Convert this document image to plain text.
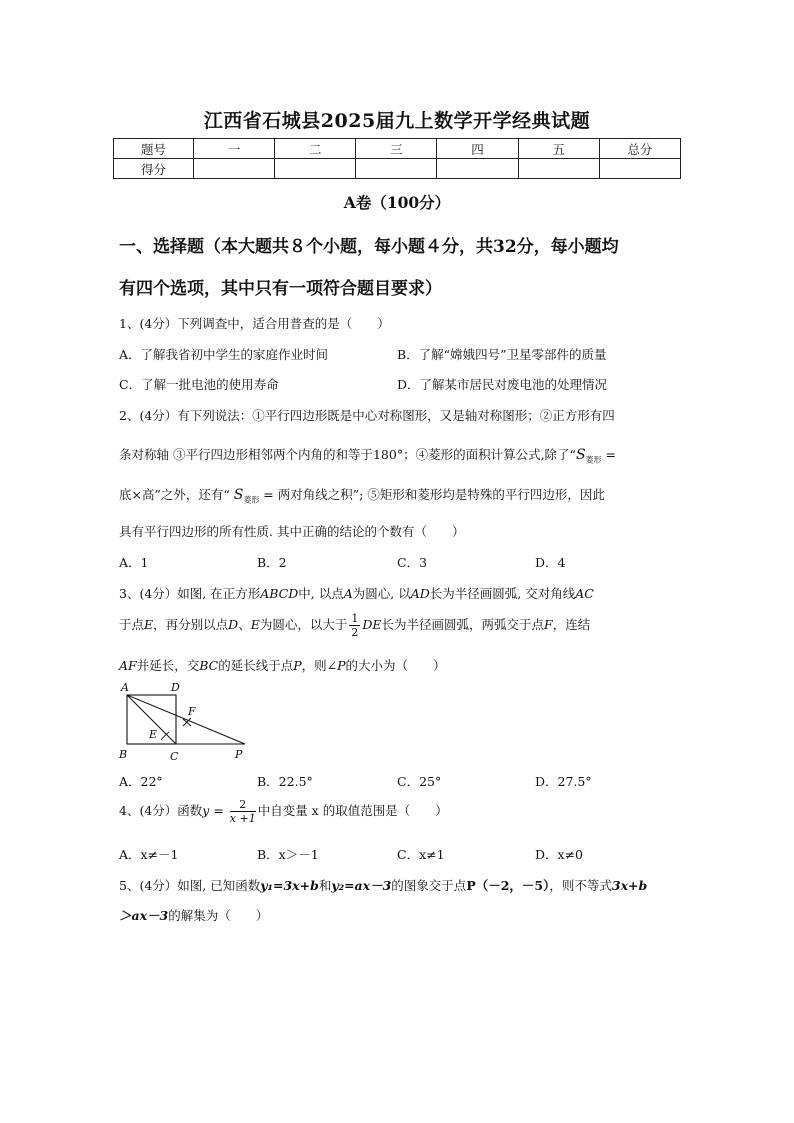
江西省石城县2025届九上数学开学经典试题
题号	一	二	三	四	五	总分
得分						
A卷（100分）
一、选择题（本大题共８个小题，每小题４分，共32分，每小题均
有四个选项，其中只有一项符合题目要求）
1、(4分）下列调查中，适合用普查的是（　　）
A．了解我省初中学生的家庭作业时间	B．了解“嫦娥四号”卫星零部件的质量
C．了解一批电池的使用寿命	D．了解某市居民对废电池的处理情况
2、(4分）有下列说法：①平行四边形既是中心对称图形，又是轴对称图形；②正方形有四
条对称轴 ③平行四边形相邻两个内角的和等于180°；④菱形的面积计算公式,除了“$S_{菱形}$ =
底×高”之外，还有“ $S_{菱形}$ = 两对角线之积”; ⑤矩形和菱形均是特殊的平行四边形，因此
具有平行四边形的所有性质. 其中正确的结论的个数有（　　）
A．1	B．2	C．3	D．4
3、(4分）如图, 在正方形ABCD中, 以点A为圆心, 以AD长为半径画圆弧, 交对角线AC
于点E，再分别以点D、E为圆心，以大于 $\frac{1}{2}$ DE长为半径画圆弧，两弧交于点F，连结
AF并延长，交BC的延长线于点P，则∠P的大小为（　　）
A	D
B	C
E
F
P
A．22°	B．22.5°	C．25°	D．27.5°
4、(4分）函数$y = \frac{2}{x +1}$ 中自变量 x 的取值范围是（　　）
A．x≠－1	B．x＞－1	C．x≠1	D．x≠0
5、(4分）如图, 已知函数y₁=3x+b和y₂=ax－3的图象交于点P（－2，－5），则不等式3x+b
＞ax－3的解集为（　　）
